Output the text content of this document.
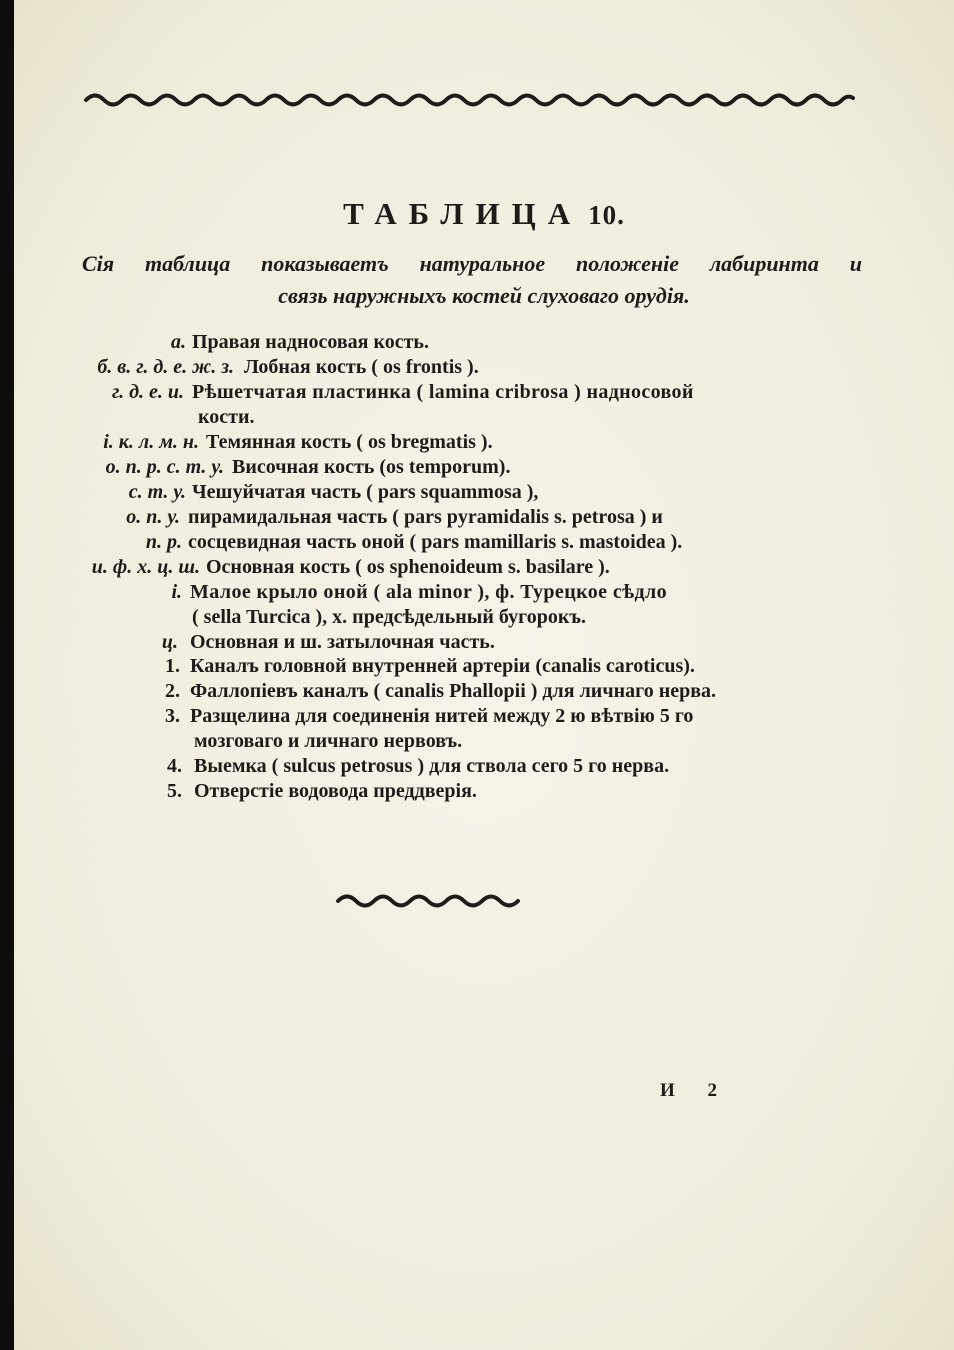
ТАБЛИЦА 10.
Сія таблица показываетъ натуральное положеніе лабиринта и
связь наружныхъ костей слуховаго орудія.
а. Правая надносовая кость.
б. в. г. д. е. ж. з. Лобная кость ( os frontis ).
г. д. е. и. Рѣшетчатая пластинка ( lamina cribrosa ) надносовой
кости.
i. к. л. м. н. Темянная кость ( os bregmatis ).
о. п. р. с. т. у. Височная кость (os temporum).
с. т. у. Чешуйчатая часть ( pars squammosa ),
о. п. у. пирамидальная часть ( pars pyramidalis s. petrosa ) и
п. р. сосцевидная часть оной ( pars mamillaris s. mastoidea ).
и. ф. х. ц. ш. Основная кость ( os sphenoideum s. basilare ).
i. Малое крыло оной ( ala minor ), ф. Турецкое сѣдло
( sella Turcica ), х. предсѣдельный бугорокъ.
ц. Основная и ш. затылочная часть.
1. Каналъ головной внутренней артеріи (canalis caroticus).
2. Фаллопіевъ каналъ ( canalis Phallopii ) для личнаго нерва.
3. Разщелина для соединенія нитей между 2 ю вѣтвію 5 го
мозговаго и личнаго нервовъ.
4. Выемка ( sulcus petrosus ) для ствола сего 5 го нерва.
5. Отверстіе водовода преддверія.
И 2
